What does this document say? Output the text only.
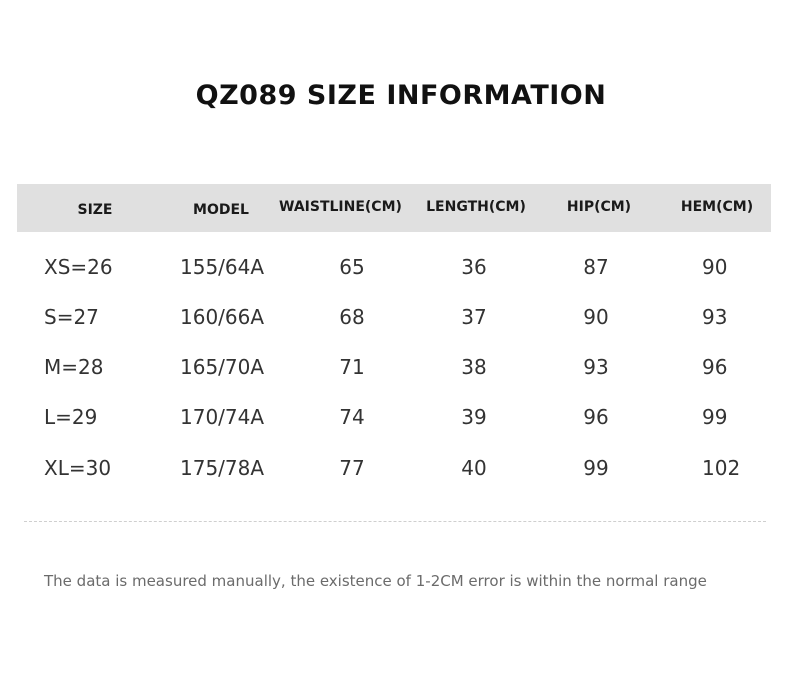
QZ089 SIZE INFORMATION
SIZE	MODEL	WAISTLINE(CM)	LENGTH(CM)	HIP(CM)	HEM(CM)
XS=26	155/64A	65	36	87	90
S=27	160/66A	68	37	90	93
M=28	165/70A	71	38	93	96
L=29	170/74A	74	39	96	99
XL=30	175/78A	77	40	99	102
The data is measured manually, the existence of 1-2CM error is within the normal range
